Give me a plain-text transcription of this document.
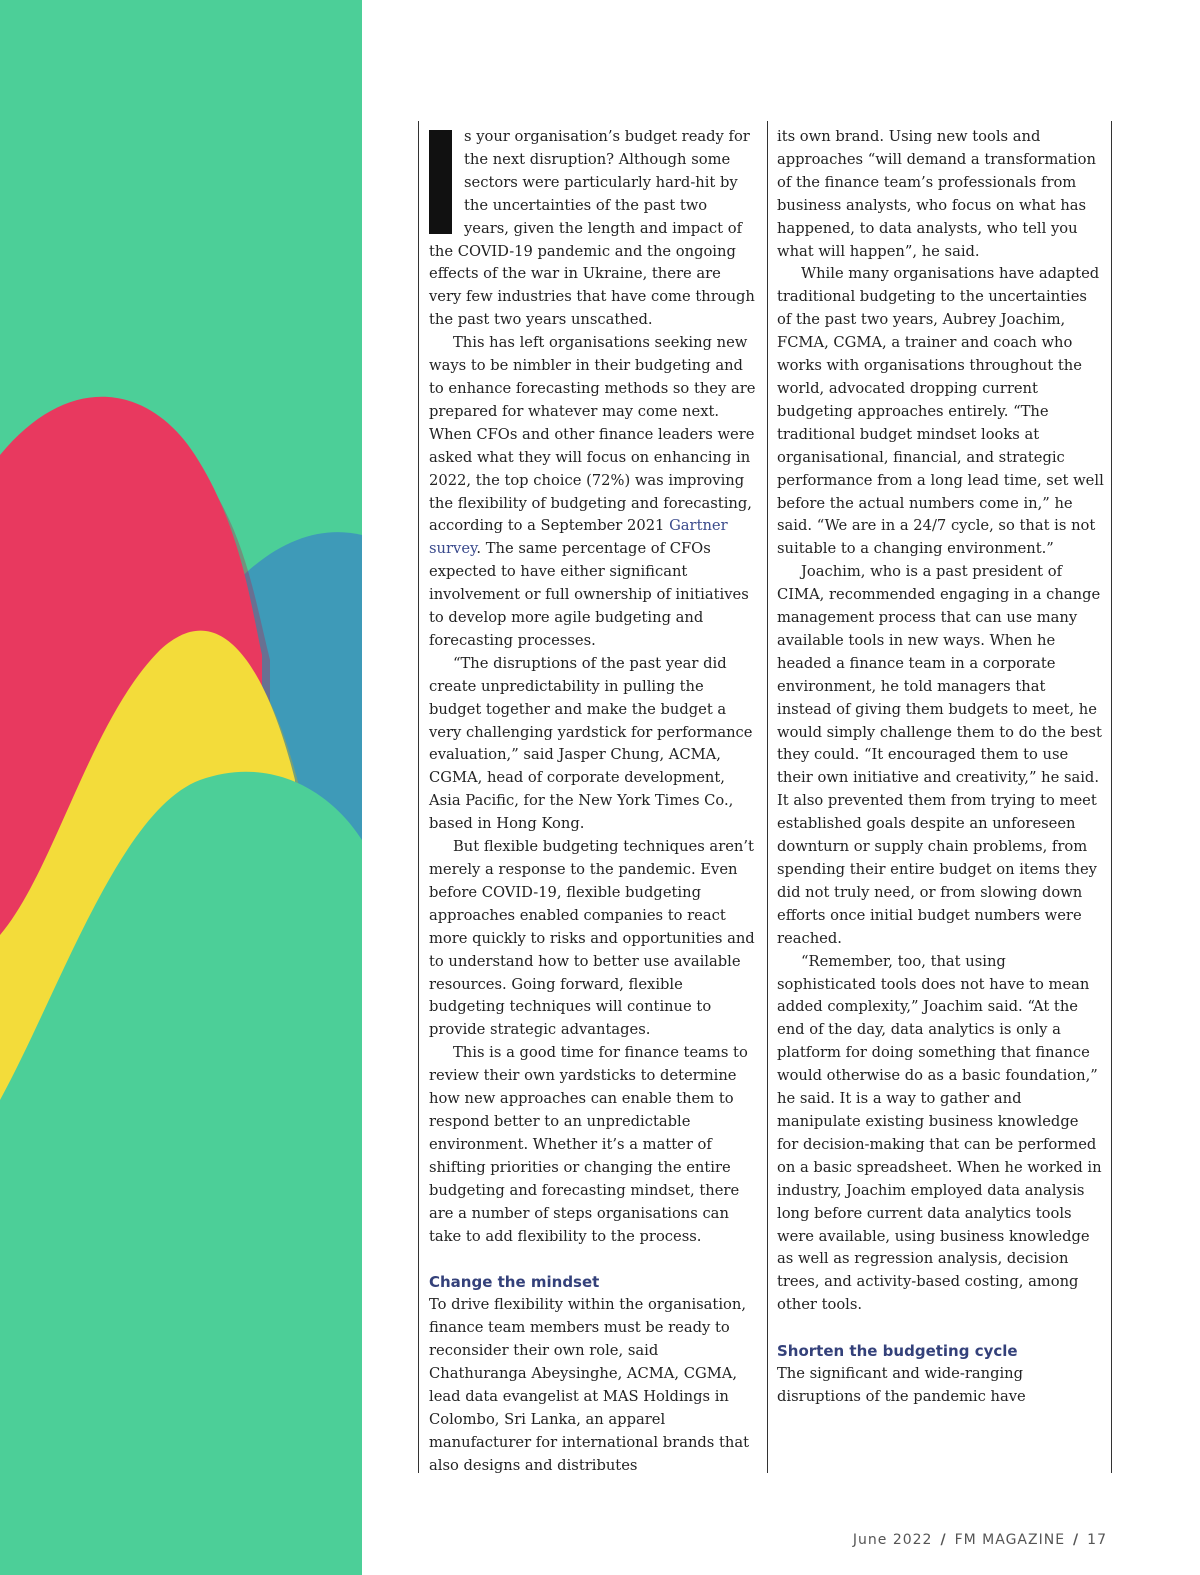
s your organisation’s budget ready for the next disruption? Although some sectors were particularly hard-hit by the uncertainties of the past two years, given the length and impact of the COVID-19 pandemic and the ongoing effects of the war in Ukraine, there are very few industries that have come through the past two years unscathed.

This has left organisations seeking new ways to be nimbler in their budgeting and to enhance forecasting methods so they are prepared for whatever may come next. When CFOs and other finance leaders were asked what they will focus on enhancing in 2022, the top choice (72%) was improving the flexibility of budgeting and forecasting, according to a September 2021 Gartner survey. The same percentage of CFOs expected to have either significant involvement or full ownership of initiatives to develop more agile budgeting and forecasting processes.

“The disruptions of the past year did create unpredictability in pulling the budget together and make the budget a very challenging yardstick for performance evaluation,” said Jasper Chung, ACMA, CGMA, head of corporate development, Asia Pacific, for the New York Times Co., based in Hong Kong.

But flexible budgeting techniques aren’t merely a response to the pandemic. Even before COVID-19, flexible budgeting approaches enabled companies to react more quickly to risks and opportunities and to understand how to better use available resources. Going forward, flexible budgeting techniques will continue to provide strategic advantages.

This is a good time for finance teams to review their own yardsticks to determine how new approaches can enable them to respond better to an unpredictable environment. Whether it’s a matter of shifting priorities or changing the entire budgeting and forecasting mindset, there are a number of steps organisations can take to add flexibility to the process.

Change the mindset

To drive flexibility within the organisation, finance team members must be ready to reconsider their own role, said Chathuranga Abeysinghe, ACMA, CGMA, lead data evangelist at MAS Holdings in Colombo, Sri Lanka, an apparel manufacturer for international brands that also designs and distributes

its own brand. Using new tools and approaches “will demand a transformation of the finance team’s professionals from business analysts, who focus on what has happened, to data analysts, who tell you what will happen”, he said.

While many organisations have adapted traditional budgeting to the uncertainties of the past two years, Aubrey Joachim, FCMA, CGMA, a trainer and coach who works with organisations throughout the world, advocated dropping current budgeting approaches entirely. “The traditional budget mindset looks at organisational, financial, and strategic performance from a long lead time, set well before the actual numbers come in,” he said. “We are in a 24/7 cycle, so that is not suitable to a changing environment.”

Joachim, who is a past president of CIMA, recommended engaging in a change management process that can use many available tools in new ways. When he headed a finance team in a corporate environment, he told managers that instead of giving them budgets to meet, he would simply challenge them to do the best they could. “It encouraged them to use their own initiative and creativity,” he said. It also prevented them from trying to meet established goals despite an unforeseen downturn or supply chain problems, from spending their entire budget on items they did not truly need, or from slowing down efforts once initial budget numbers were reached.

“Remember, too, that using sophisticated tools does not have to mean added complexity,” Joachim said. “At the end of the day, data analytics is only a platform for doing something that finance would otherwise do as a basic foundation,” he said. It is a way to gather and manipulate existing business knowledge for decision-making that can be performed on a basic spreadsheet. When he worked in industry, Joachim employed data analysis long before current data analytics tools were available, using business knowledge as well as regression analysis, decision trees, and activity-based costing, among other tools.

Shorten the budgeting cycle

The significant and wide-ranging disruptions of the pandemic have

June 2022 / FM MAGAZINE / 17
